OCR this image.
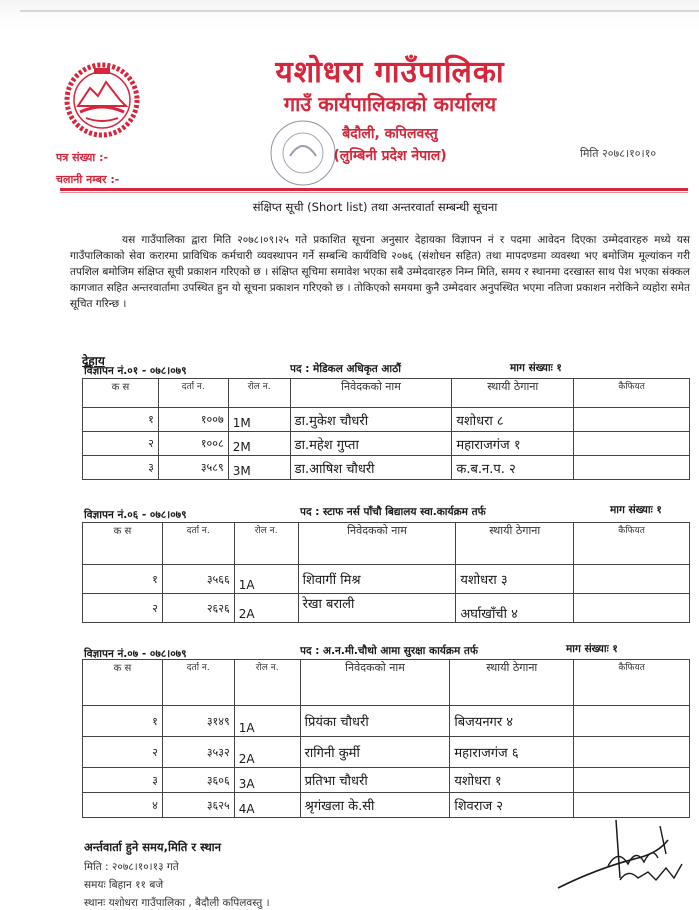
यशोधरा गाउँपालिका
गाउँ कार्यपालिकाको कार्यालय
बैदौली, कपिलवस्तु
(लुम्बिनी प्रदेश नेपाल)
पत्र संख्या :-
चलानी नम्बर :-
मिति २०७८।१०।१०
संक्षिप्त सूची (Short list) तथा अन्तरवार्ता सम्बन्धी सूचना
यस गाउँपालिका द्वारा मिति २०७८।०९।२५ गते प्रकाशित सूचना अनुसार देहायका विज्ञापन नं र पदमा आवेदन दिएका उम्मेदवारहरु मध्ये यस गाउँपालिकाको सेवा करारमा प्राविधिक कर्मचारी व्यवस्थापन गर्ने सम्बन्धि कार्यविधि २०७६ (संशोधन सहित) तथा मापदण्डमा व्यवस्था भए बमोजिम मूल्यांकन गरी तपशिल बमोजिम संक्षिप्त सूची प्रकाशन गरिएको छ । संक्षिप्त सूचिमा समावेश भएका सबै उम्मेदवारहरु निम्न मिति, समय र स्थानमा दरखास्त साथ पेश भएका संक्कल कागजात सहित अन्तरवार्तामा उपस्थित हुन यो सूचना प्रकाशन गरिएको छ । तोकिएको समयमा कुनै उम्मेदवार अनुपस्थित भएमा नतिजा प्रकाशन नरोकिने व्यहोरा समेत सूचित गरिन्छ ।
देहाय
विज्ञापन नं.०१ - ०७८।०७९	पद : मेडिकल अधिकृत आठौं	माग संख्याः १
क स	दर्ता न.	रोल न.	निवेदकको नाम	स्थायी ठेगाना	कैफियत
१	१००७	1M	डा.मुकेश चौधरी	यशोधरा ८	
२	१००८	2M	डा.महेश गुप्ता	महाराजगंज १	
३	३५८९	3M	डा.आषिश चौधरी	क.ब.न.प. २	
विज्ञापन नं.०६ - ०७८।०७९	पद : स्टाफ नर्स पाँचौ बिद्यालय स्वा.कार्यक्रम तर्फ	माग संख्याः १
क स	दर्ता न.	रोल न.	निवेदकको नाम	स्थायी ठेगाना	कैफियत
१	३५६६	1A	शिवागीं मिश्र	यशोधरा ३	
२	२६२६	2A	रेखा बराली	अर्घाखाँची ४	
विज्ञापन नं.०७ - ०७८।०७९	पद : अ.न.मी.चौथो आमा सुरक्षा कार्यक्रम तर्फ	माग संख्याः १
क स	दर्ता न.	रोल न.	निवेदकको नाम	स्थायी ठेगाना	कैफियत
१	३१४९	1A	प्रियंका चौधरी	बिजयनगर ४	
२	३५३२	2A	रागिनी कुर्मी	महाराजगंज ६	
३	३६०६	3A	प्रतिभा चौधरी	यशोधरा १	
४	३६२५	4A	श्रृगंखला के.सी	शिवराज २	
अर्न्तवार्ता हुने समय,मिति र स्थान
मिति : २०७८।१०।१३ गते
समयः बिहान ११ बजे
स्थानः यशोधरा गाउँपालिका , बैदौली कपिलवस्तु ।
